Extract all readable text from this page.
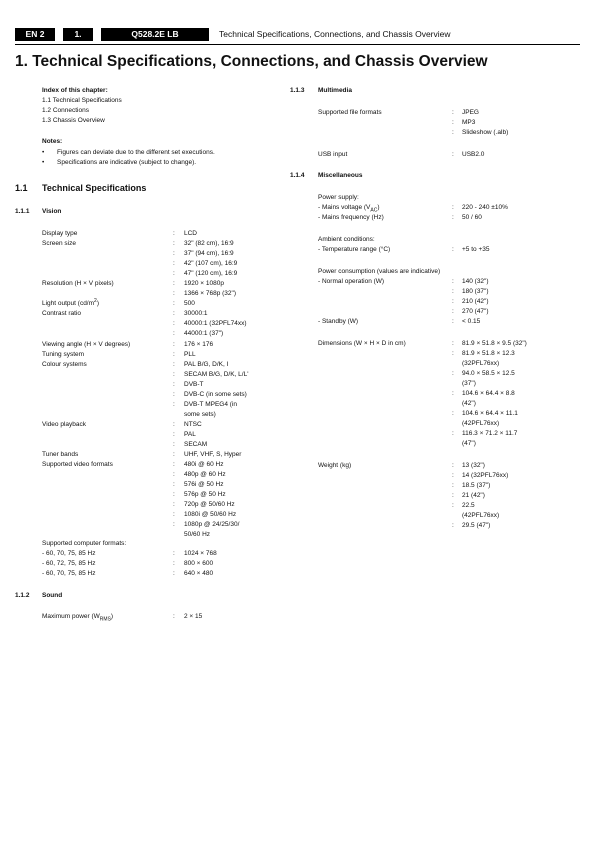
EN 2	1.	Q528.2E LB	Technical Specifications, Connections, and Chassis Overview
1. Technical Specifications, Connections, and Chassis Overview
Index of this chapter:
1.1 Technical Specifications
1.2 Connections
1.3 Chassis Overview
Notes:
• Figures can deviate due to the different set executions.
• Specifications are indicative (subject to change).
1.1 Technical Specifications
1.1.1 Vision
Display type	: LCD
Screen size	: 32" (82 cm), 16:9
: 37" (94 cm), 16:9
: 42" (107 cm), 16:9
: 47" (120 cm), 16:9
Resolution (H × V pixels)	: 1920 × 1080p
: 1366 × 768p (32")
Light output $(cd/m^2)$	: 500
Contrast ratio	: 30000:1
: 40000:1 (32PFL74xx)
: 44000:1 (37")
Viewing angle (H × V degrees)	: 176 × 176
Tuning system	: PLL
Colour systems	: PAL B/G, D/K, I
: SECAM B/G, D/K, L/L'
: DVB-T
: DVB-C (in some sets)
: DVB-T MPEG4 (in
some sets)
Video playback	: NTSC
: PAL
: SECAM
Tuner bands	: UHF, VHF, S, Hyper
Supported video formats	: 480i @ 60 Hz
: 480p @ 60 Hz
: 576i @ 50 Hz
: 576p @ 50 Hz
: 720p @ 50/60 Hz
: 1080i @ 50/60 Hz
: 1080p @ 24/25/30/
50/60 Hz
Supported computer formats:
- 60, 70, 75, 85 Hz	: 1024 × 768
- 60, 72, 75, 85 Hz	: 800 × 600
- 60, 70, 75, 85 Hz	: 640 × 480
1.1.2 Sound
Maximum power $(W_{RMS})$	: 2 × 15
1.1.3 Multimedia
Supported file formats	: JPEG
: MP3
: Slideshow (.alb)
USB input	: USB2.0
1.1.4 Miscellaneous
Power supply:
- Mains voltage $(V_{AC})$	: 220 - 240 ±10%
- Mains frequency (Hz)	: 50 / 60
Ambient conditions:
- Temperature range (°C)	: +5 to +35
Power consumption (values are indicative)
- Normal operation (W)	: 140 (32")
: 180 (37")
: 210 (42")
: 270 (47")
- Standby (W)	: < 0.15
Dimensions (W × H × D in cm)	: 81.9 × 51.8 × 9.5 (32")
: 81.9 × 51.8 × 12.3
(32PFL76xx)
: 94.0 × 58.5 × 12.5
(37")
: 104.6 × 64.4 × 8.8
(42")
: 104.6 × 64.4 × 11.1
(42PFL76xx)
: 116.3 × 71.2 × 11.7
(47")
Weight (kg)	: 13 (32")
: 14 (32PFL76xx)
: 18.5 (37")
: 21 (42")
: 22.5
(42PFL76xx)
: 29.5 (47")
